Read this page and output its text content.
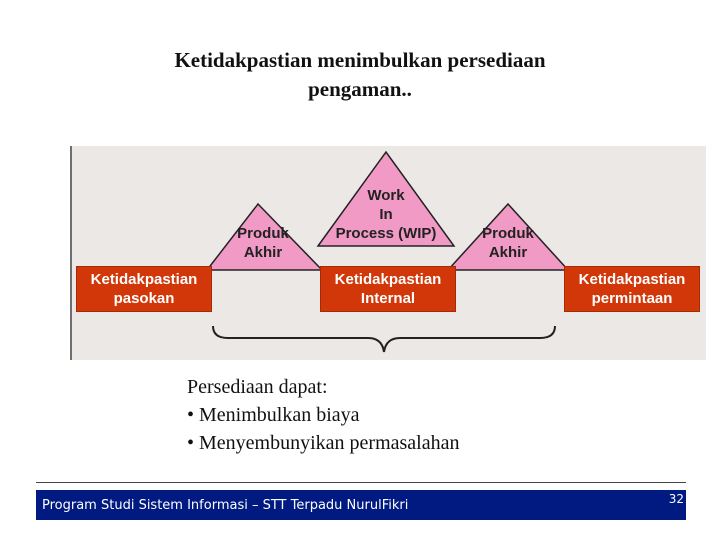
Ketidakpastian menimbulkan persediaan
pengaman..
Produk
Akhir
Work
In
Process (WIP)	Produk
Akhir
Ketidakpastian
pasokan
Ketidakpastian
Internal
Ketidakpastian
permintaan
Persediaan dapat:
• Menimbulkan biaya
• Menyembunyikan permasalahan
Program Studi Sistem Informasi – STT Terpadu NurulFikri	32
